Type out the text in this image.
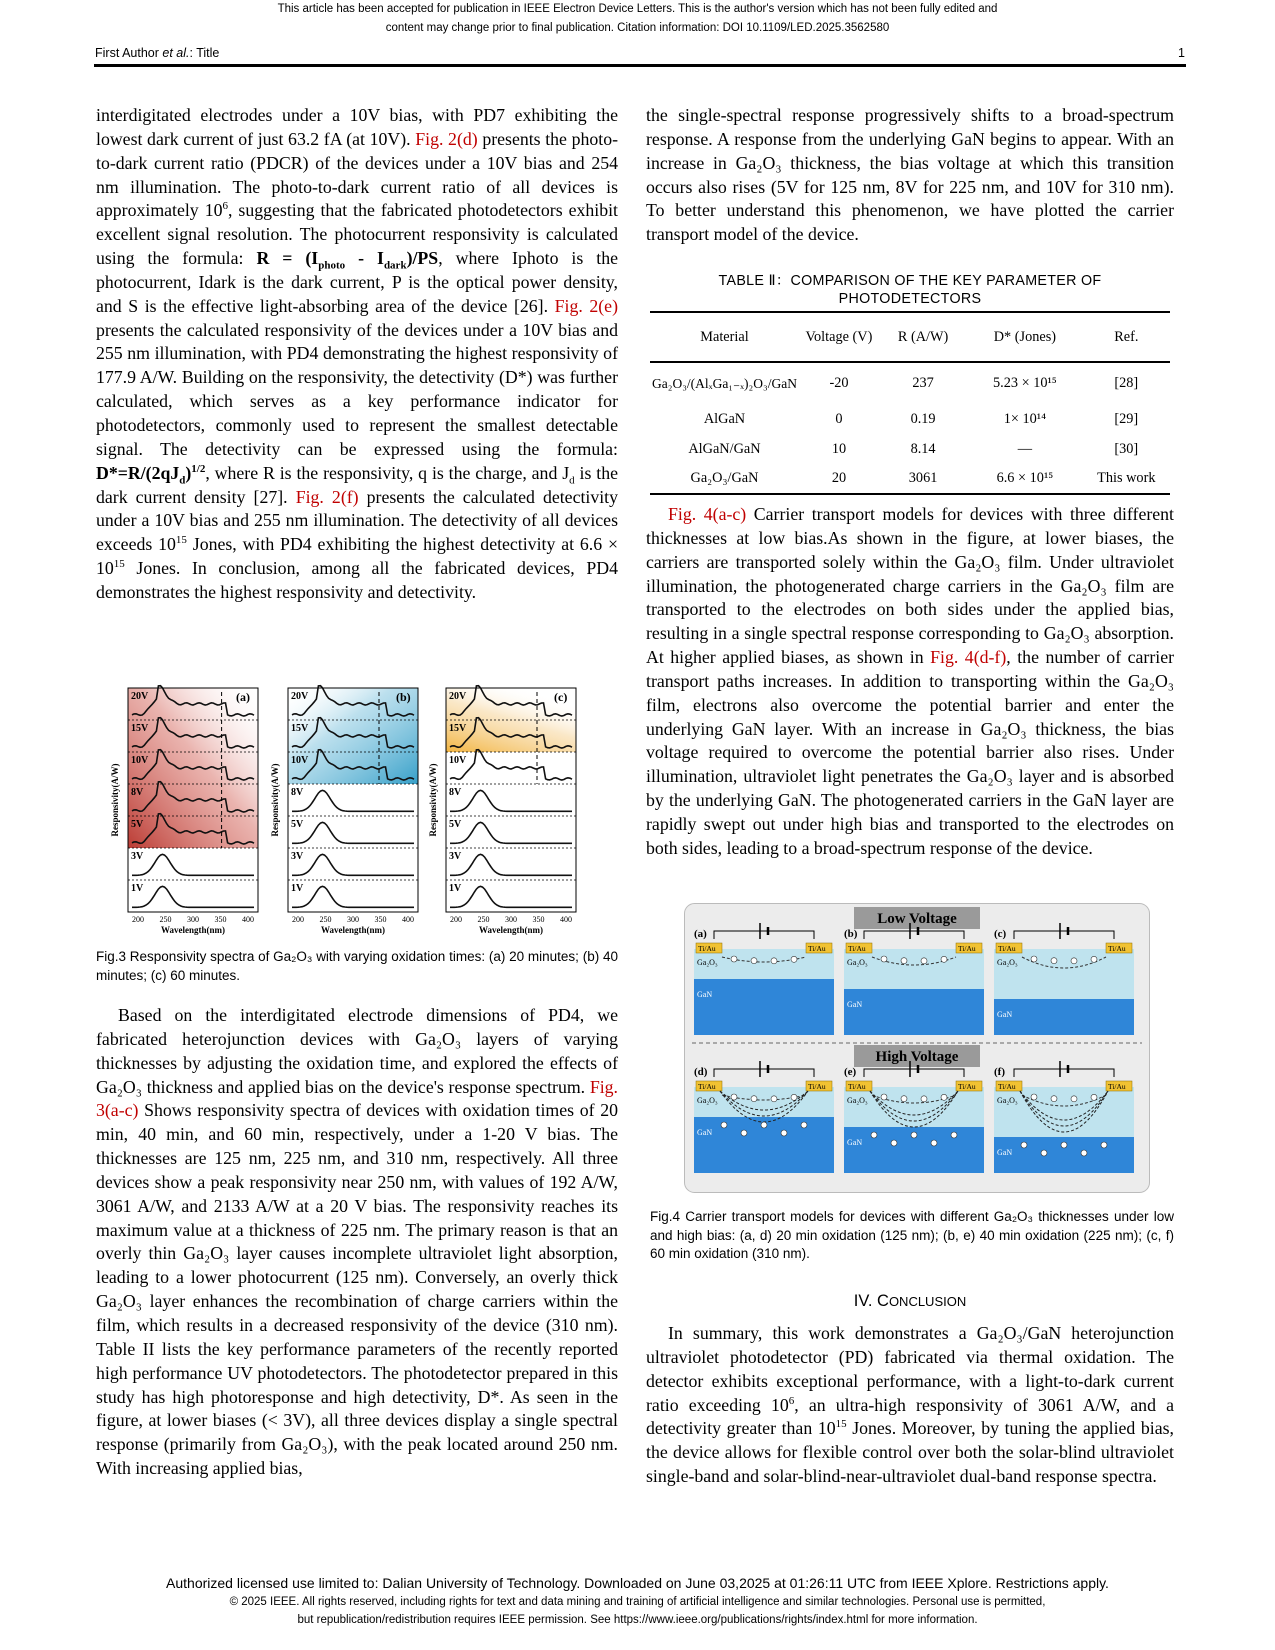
This article has been accepted for publication in IEEE Electron Device Letters. This is the author's version which has not been fully edited and
content may change prior to final publication. Citation information: DOI 10.1109/LED.2025.3562580
First Author et al.: Title	1

interdigitated electrodes under a 10V bias, with PD7 exhibiting the lowest dark current of just 63.2 fA (at 10V). Fig. 2(d) presents the photo-to-dark current ratio (PDCR) of the devices under a 10V bias and 254 nm illumination. The photo-to-dark current ratio of all devices is approximately $10^6$, suggesting that the fabricated photodetectors exhibit excellent signal resolution. The photocurrent responsivity is calculated using the formula: $R = (I_{photo} - I_{dark})/PS$, where Iphoto is the photocurrent, Idark is the dark current, P is the optical power density, and S is the effective light-absorbing area of the device [26]. Fig. 2(e) presents the calculated responsivity of the devices under a 10V bias and 255 nm illumination, with PD4 demonstrating the highest responsivity of 177.9 A/W. Building on the responsivity, the detectivity (D*) was further calculated, which serves as a key performance indicator for photodetectors, commonly used to represent the smallest detectable signal. The detectivity can be expressed using the formula: $D*=R/(2qJ_d)^{1/2}$, where R is the responsivity, q is the charge, and $J_d$ is the dark current density [27]. Fig. 2(f) presents the calculated detectivity under a 10V bias and 255 nm illumination. The detectivity of all devices exceeds $10^{15}$ Jones, with PD4 exhibiting the highest detectivity at $6.6 \times 10^{15}$ Jones. In conclusion, among all the fabricated devices, PD4 demonstrates the highest responsivity and detectivity.

20V
15V
10V
8V
5V
3V
1V
(a)
200 250 300 350 400
Wavelength(nm)
Responsivity(A/W)
20V
15V
10V
8V
5V
3V
1V
(b)
200 250 300 350 400
Wavelength(nm)
Responsivity(A/W)
20V
15V
10V
8V
5V
3V
1V
(c)
200 250 300 350 400
Wavelength(nm)
Responsivity(A/W)
Fig.3 Responsivity spectra of Ga₂O₃ with varying oxidation times: (a) 20 minutes; (b) 40 minutes; (c) 60 minutes.

Based on the interdigitated electrode dimensions of PD4, we fabricated heterojunction devices with Ga₂O₃ layers of varying thicknesses by adjusting the oxidation time, and explored the effects of Ga₂O₃ thickness and applied bias on the device's response spectrum. Fig. 3(a-c) Shows responsivity spectra of devices with oxidation times of 20 min, 40 min, and 60 min, respectively, under a 1-20 V bias. The thicknesses are 125 nm, 225 nm, and 310 nm, respectively. All three devices show a peak responsivity near 250 nm, with values of 192 A/W, 3061 A/W, and 2133 A/W at a 20 V bias. The responsivity reaches its maximum value at a thickness of 225 nm. The primary reason is that an overly thin Ga₂O₃ layer causes incomplete ultraviolet light absorption, leading to a lower photocurrent (125 nm). Conversely, an overly thick Ga₂O₃ layer enhances the recombination of charge carriers within the film, which results in a decreased responsivity of the device (310 nm). Table II lists the key performance parameters of the recently reported high performance UV photodetectors. The photodetector prepared in this study has high photoresponse and high detectivity, D*. As seen in the figure, at lower biases (< 3V), all three devices display a single spectral response (primarily from Ga₂O₃), with the peak located around 250 nm. With increasing applied bias,

the single-spectral response progressively shifts to a broad-spectrum response. A response from the underlying GaN begins to appear. With an increase in Ga₂O₃ thickness, the bias voltage at which this transition occurs also rises (5V for 125 nm, 8V for 225 nm, and 10V for 310 nm). To better understand this phenomenon, we have plotted the carrier transport model of the device.

TABLE Ⅱ：COMPARISON OF THE KEY PARAMETER OF
PHOTODETECTORS
Material	Voltage (V)	R (A/W)	D* (Jones)	Ref.
Ga₂O₃/(AlₓGa₁₋ₓ)₂O₃/GaN	-20	237	5.23 × 10¹⁵	[28]
AlGaN	0	0.19	1× 10¹⁴	[29]
AlGaN/GaN	10	8.14	—	[30]
Ga₂O₃/GaN	20	3061	6.6 × 10¹⁵	This work

Fig. 4(a-c) Carrier transport models for devices with three different thicknesses at low bias.As shown in the figure, at lower biases, the carriers are transported solely within the Ga₂O₃ film. Under ultraviolet illumination, the photogenerated charge carriers in the Ga₂O₃ film are transported to the electrodes on both sides under the applied bias, resulting in a single spectral response corresponding to Ga₂O₃ absorption. At higher applied biases, as shown in Fig. 4(d-f), the number of carrier transport paths increases. In addition to transporting within the Ga₂O₃ film, electrons also overcome the potential barrier and enter the underlying GaN layer. With an increase in Ga₂O₃ thickness, the bias voltage required to overcome the potential barrier also rises. Under illumination, ultraviolet light penetrates the Ga₂O₃ layer and is absorbed by the underlying GaN. The photogenerated carriers in the GaN layer are rapidly swept out under high bias and transported to the electrodes on both sides, leading to a broad-spectrum response of the device.

Low Voltage
High Voltage
(a)
Ti/Au	Ti/Au
Ga₂O₃
GaN
(b)
Ti/Au	Ti/Au
Ga₂O₃
GaN
(c)
Ti/Au	Ti/Au
Ga₂O₃
GaN
(d)
Ti/Au	Ti/Au
Ga₂O₃
GaN
(e)
Ti/Au	Ti/Au
Ga₂O₃
GaN
(f)
Ti/Au	Ti/Au
Ga₂O₃
GaN
Fig.4 Carrier transport models for devices with different Ga₂O₃ thicknesses under low and high bias: (a, d) 20 min oxidation (125 nm); (b, e) 40 min oxidation (225 nm); (c, f) 60 min oxidation (310 nm).
IV. CONCLUSION

In summary, this work demonstrates a Ga₂O₃/GaN heterojunction ultraviolet photodetector (PD) fabricated via thermal oxidation. The detector exhibits exceptional performance, with a light-to-dark current ratio exceeding $10^6$, an ultra-high responsivity of 3061 A/W, and a detectivity greater than $10^{15}$ Jones. Moreover, by tuning the applied bias, the device allows for flexible control over both the solar-blind ultraviolet single-band and solar-blind-near-ultraviolet dual-band response spectra.

Authorized licensed use limited to: Dalian University of Technology. Downloaded on June 03,2025 at 01:26:11 UTC from IEEE Xplore. Restrictions apply.
© 2025 IEEE. All rights reserved, including rights for text and data mining and training of artificial intelligence and similar technologies. Personal use is permitted,
but republication/redistribution requires IEEE permission. See https://www.ieee.org/publications/rights/index.html for more information.
